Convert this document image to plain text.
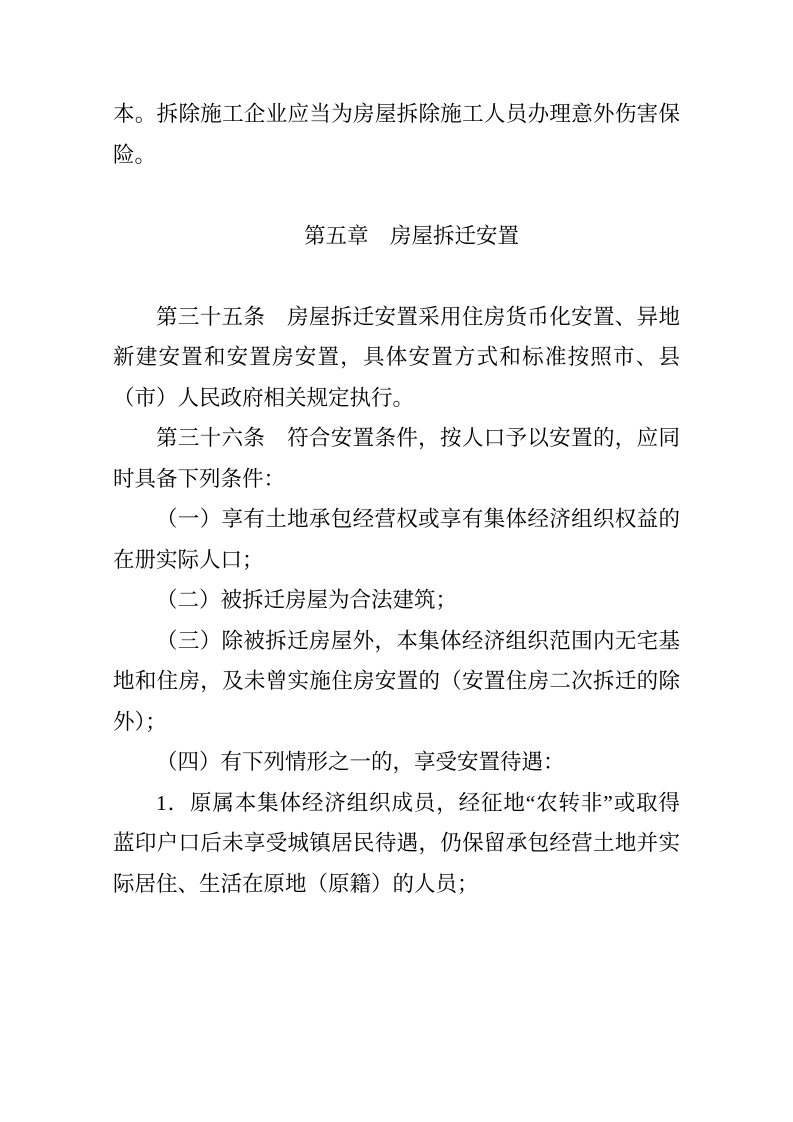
本。拆除施工企业应当为房屋拆除施工人员办理意外伤害保险。

第五章　房屋拆迁安置

第三十五条　房屋拆迁安置采用住房货币化安置、异地新建安置和安置房安置，具体安置方式和标准按照市、县（市）人民政府相关规定执行。

第三十六条　符合安置条件，按人口予以安置的，应同时具备下列条件：

（一）享有土地承包经营权或享有集体经济组织权益的在册实际人口；

（二）被拆迁房屋为合法建筑；

（三）除被拆迁房屋外，本集体经济组织范围内无宅基地和住房，及未曾实施住房安置的（安置住房二次拆迁的除外）；

（四）有下列情形之一的，享受安置待遇：

1．原属本集体经济组织成员，经征地“农转非”或取得蓝印户口后未享受城镇居民待遇，仍保留承包经营土地并实际居住、生活在原地（原籍）的人员；
